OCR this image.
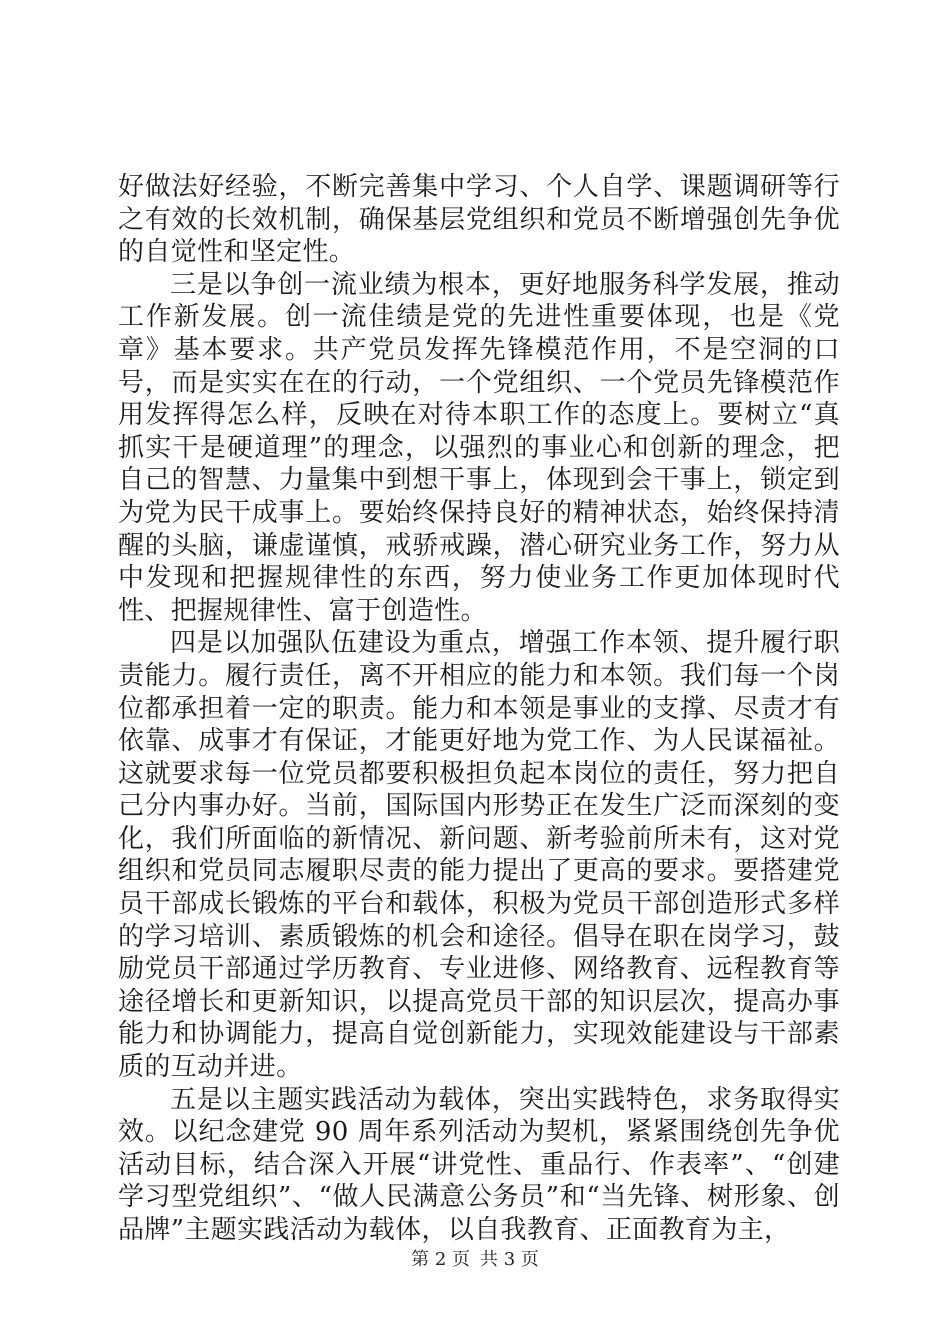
好做法好经验，不断完善集中学习、个人自学、课题调研等行之有效的长效机制，确保基层党组织和党员不断增强创先争优的自觉性和坚定性。

三是以争创一流业绩为根本，更好地服务科学发展，推动工作新发展。创一流佳绩是党的先进性重要体现，也是《党章》基本要求。共产党员发挥先锋模范作用，不是空洞的口号，而是实实在在的行动，一个党组织、一个党员先锋模范作用发挥得怎么样，反映在对待本职工作的态度上。要树立“真抓实干是硬道理”的理念，以强烈的事业心和创新的理念，把自己的智慧、力量集中到想干事上，体现到会干事上，锁定到为党为民干成事上。要始终保持良好的精神状态，始终保持清醒的头脑，谦虚谨慎，戒骄戒躁，潜心研究业务工作，努力从中发现和把握规律性的东西，努力使业务工作更加体现时代性、把握规律性、富于创造性。

四是以加强队伍建设为重点，增强工作本领、提升履行职责能力。履行责任，离不开相应的能力和本领。我们每一个岗位都承担着一定的职责。能力和本领是事业的支撑、尽责才有依靠、成事才有保证，才能更好地为党工作、为人民谋福祉。这就要求每一位党员都要积极担负起本岗位的责任，努力把自己分内事办好。当前，国际国内形势正在发生广泛而深刻的变化，我们所面临的新情况、新问题、新考验前所未有，这对党组织和党员同志履职尽责的能力提出了更高的要求。要搭建党员干部成长锻炼的平台和载体，积极为党员干部创造形式多样的学习培训、素质锻炼的机会和途径。倡导在职在岗学习，鼓励党员干部通过学历教育、专业进修、网络教育、远程教育等途径增长和更新知识，以提高党员干部的知识层次，提高办事能力和协调能力，提高自觉创新能力，实现效能建设与干部素质的互动并进。

五是以主题实践活动为载体，突出实践特色，求务取得实效。以纪念建党 90 周年系列活动为契机，紧紧围绕创先争优活动目标，结合深入开展“讲党性、重品行、作表率”、“创建学习型党组织”、“做人民满意公务员”和“当先锋、树形象、创品牌”主题实践活动为载体，以自我教育、正面教育为主，

第 2 页 共 3 页
